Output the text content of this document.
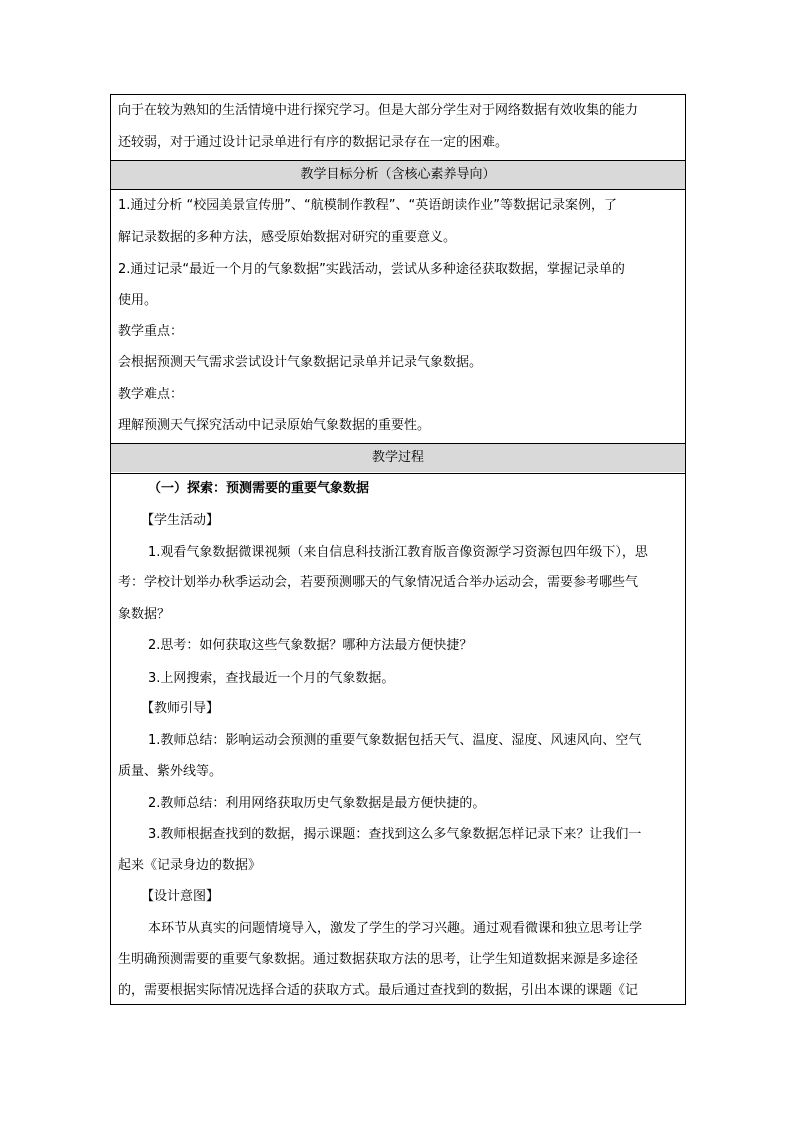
向于在较为熟知的生活情境中进行探究学习。但是大部分学生对于网络数据有效收集的能力
还较弱，对于通过设计记录单进行有序的数据记录存在一定的困难。
教学目标分析（含核心素养导向）
1.通过分析 “校园美景宣传册”、“航模制作教程”、“英语朗读作业”等数据记录案例，了
解记录数据的多种方法，感受原始数据对研究的重要意义。
2.通过记录“最近一个月的气象数据”实践活动，尝试从多种途径获取数据，掌握记录单的
使用。
教学重点：
会根据预测天气需求尝试设计气象数据记录单并记录气象数据。
教学难点：
理解预测天气探究活动中记录原始气象数据的重要性。
教学过程
（一）探索：预测需要的重要气象数据
【学生活动】
1.观看气象数据微课视频（来自信息科技浙江教育版音像资源学习资源包四年级下），思
考：学校计划举办秋季运动会，若要预测哪天的气象情况适合举办运动会，需要参考哪些气
象数据？
2.思考：如何获取这些气象数据？哪种方法最方便快捷？
3.上网搜索，查找最近一个月的气象数据。
【教师引导】
1.教师总结：影响运动会预测的重要气象数据包括天气、温度、湿度、风速风向、空气
质量、紫外线等。
2.教师总结：利用网络获取历史气象数据是最方便快捷的。
3.教师根据查找到的数据，揭示课题：查找到这么多气象数据怎样记录下来？让我们一
起来《记录身边的数据》
【设计意图】
本环节从真实的问题情境导入，激发了学生的学习兴趣。通过观看微课和独立思考让学
生明确预测需要的重要气象数据。通过数据获取方法的思考，让学生知道数据来源是多途径
的，需要根据实际情况选择合适的获取方式。最后通过查找到的数据，引出本课的课题《记
